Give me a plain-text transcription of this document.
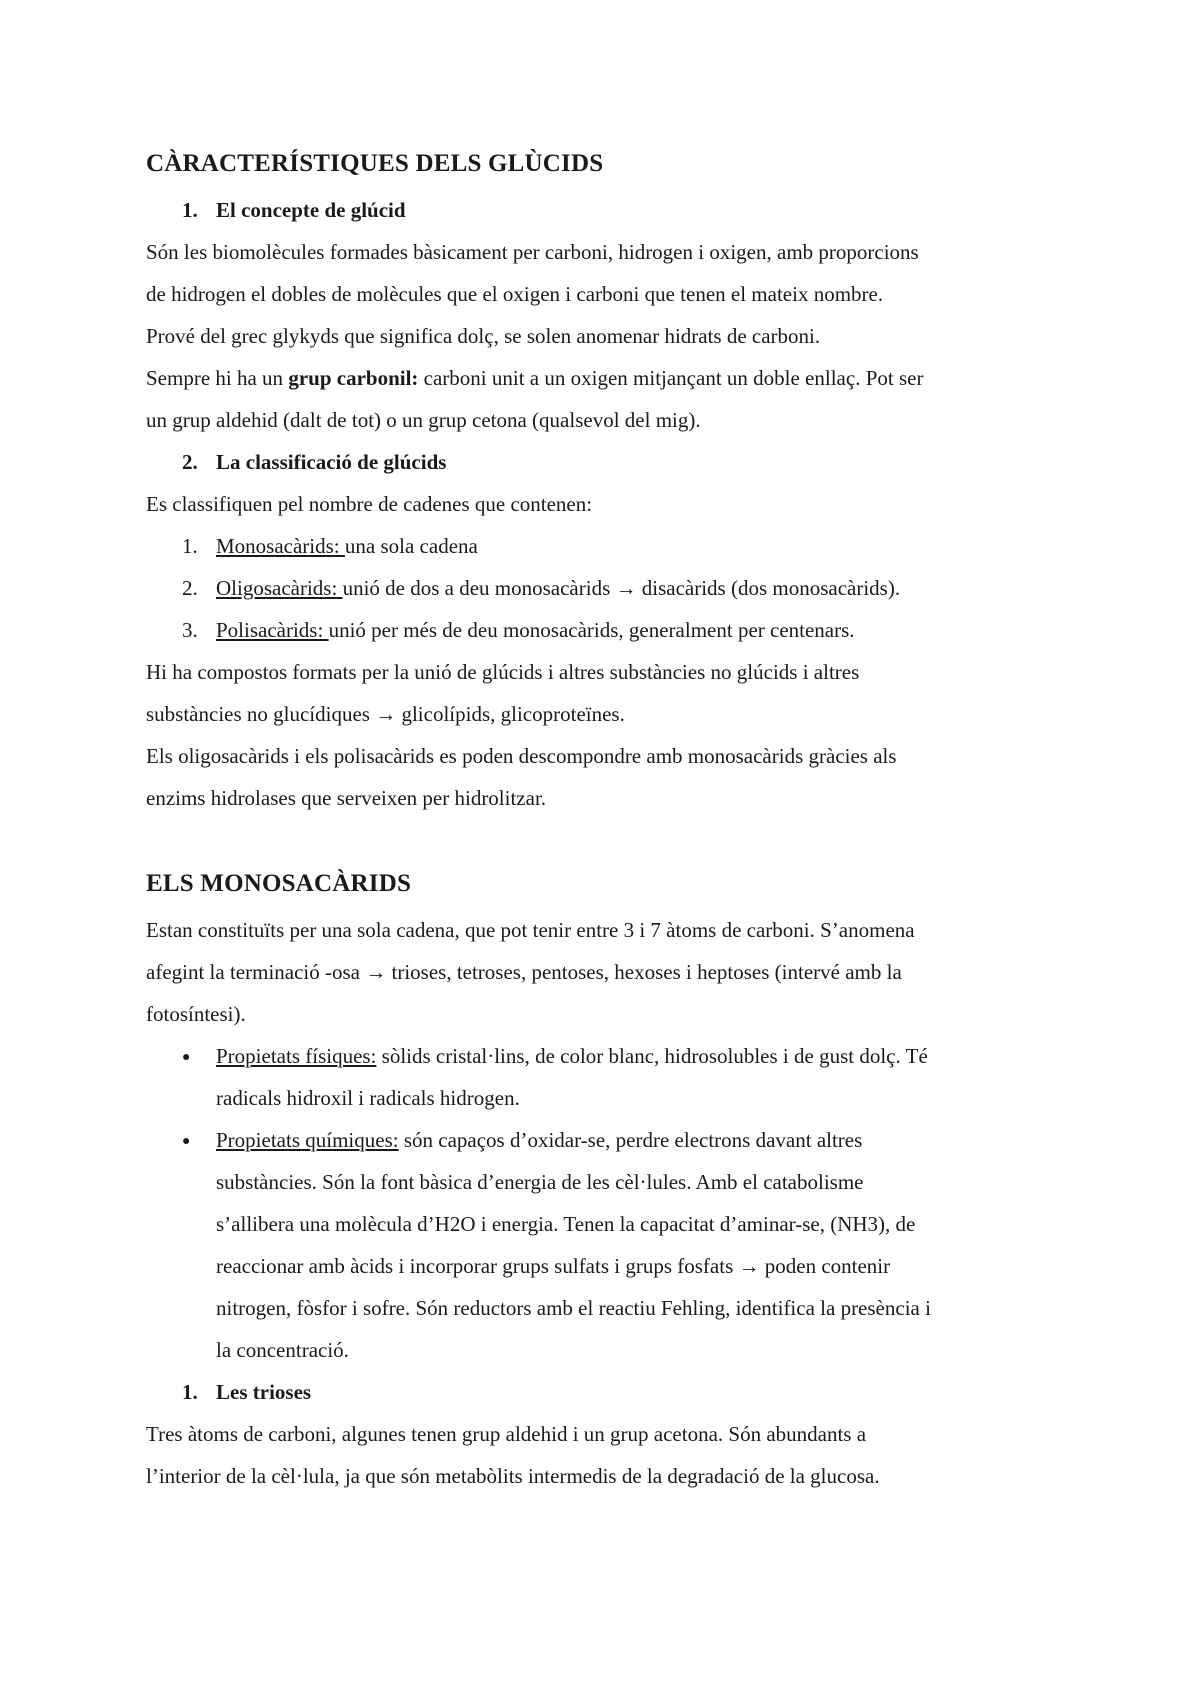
CÀRACTERÍSTIQUES DELS GLÙCIDS
1. El concepte de glúcid
Són les biomolècules formades bàsicament per carboni, hidrogen i oxigen, amb proporcions
de hidrogen el dobles de molècules que el oxigen i carboni que tenen el mateix nombre.
Prové del grec glykyds que significa dolç, se solen anomenar hidrats de carboni.
Sempre hi ha un grup carbonil: carboni unit a un oxigen mitjançant un doble enllaç. Pot ser
un grup aldehid (dalt de tot) o un grup cetona (qualsevol del mig).
2. La classificació de glúcids
Es classifiquen pel nombre de cadenes que contenen:
1. Monosacàrids: una sola cadena
2. Oligosacàrids: unió de dos a deu monosacàrids → disacàrids (dos monosacàrids).
3. Polisacàrids: unió per més de deu monosacàrids, generalment per centenars.
Hi ha compostos formats per la unió de glúcids i altres substàncies no glúcids i altres
substàncies no glucídiques → glicolípids, glicoproteïnes.
Els oligosacàrids i els polisacàrids es poden descompondre amb monosacàrids gràcies als
enzims hidrolases que serveixen per hidrolitzar.
ELS MONOSACÀRIDS
Estan constituïts per una sola cadena, que pot tenir entre 3 i 7 àtoms de carboni. S’anomena
afegint la terminació -osa → trioses, tetroses, pentoses, hexoses i heptoses (intervé amb la
fotosíntesi).
● Propietats físiques: sòlids cristal·lins, de color blanc, hidrosolubles i de gust dolç. Té
radicals hidroxil i radicals hidrogen.
● Propietats químiques: són capaços d’oxidar-se, perdre electrons davant altres
substàncies. Són la font bàsica d’energia de les cèl·lules. Amb el catabolisme
s’allibera una molècula d’H2O i energia. Tenen la capacitat d’aminar-se, (NH3), de
reaccionar amb àcids i incorporar grups sulfats i grups fosfats → poden contenir
nitrogen, fòsfor i sofre. Són reductors amb el reactiu Fehling, identifica la presència i
la concentració.
1. Les trioses
Tres àtoms de carboni, algunes tenen grup aldehid i un grup acetona. Són abundants a
l’interior de la cèl·lula, ja que són metabòlits intermedis de la degradació de la glucosa.
